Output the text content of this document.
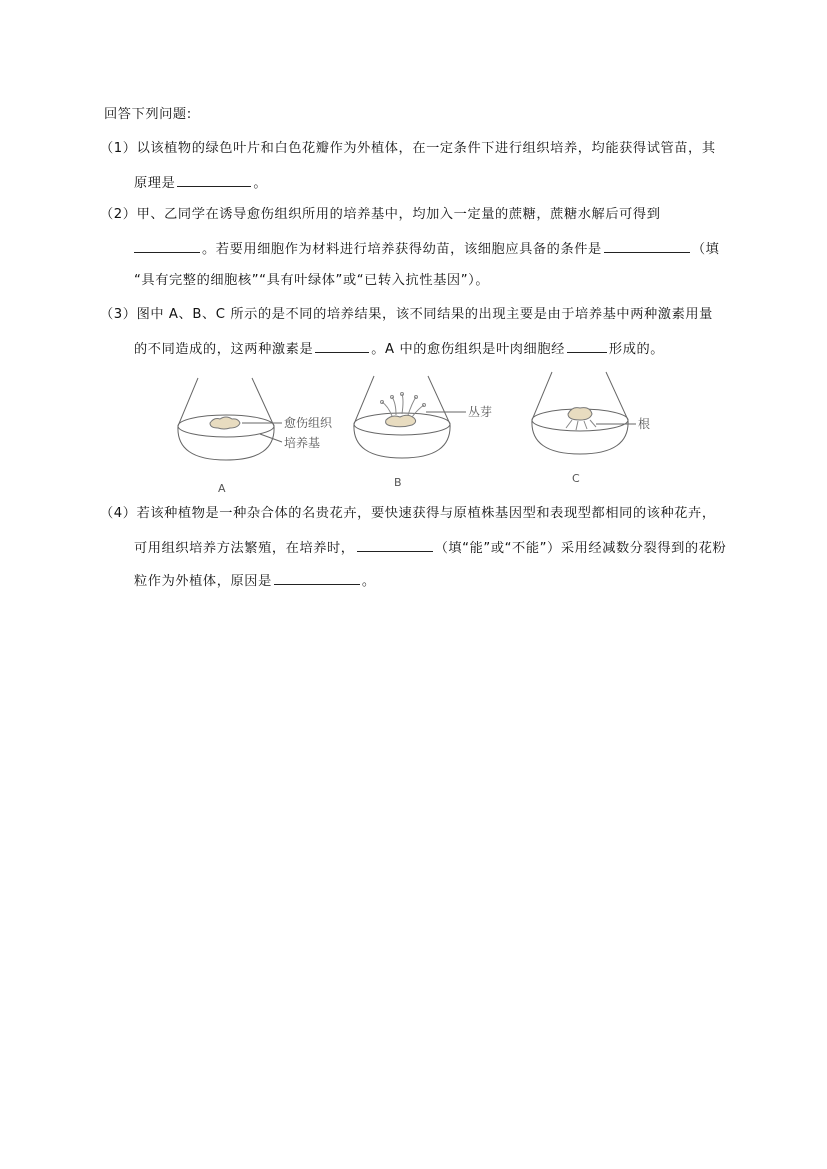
回答下列问题:
（1）以该植物的绿色叶片和白色花瓣作为外植体，在一定条件下进行组织培养，均能获得试管苗，其
原理是	。
（2）甲、乙同学在诱导愈伤组织所用的培养基中，均加入一定量的蔗糖，蔗糖水解后可得到
。若要用细胞作为材料进行培养获得幼苗，该细胞应具备的条件是	（填
“具有完整的细胞核”“具有叶绿体”或“已转入抗性基因”）。
（3）图中 A、B、C 所示的是不同的培养结果，该不同结果的出现主要是由于培养基中两种激素用量
的不同造成的，这两种激素是	。A 中的愈伤组织是叶肉细胞经	形成的。
愈伤组织
培养基
丛芽
根
A	B	C
（4）若该种植物是一种杂合体的名贵花卉，要快速获得与原植株基因型和表现型都相同的该种花卉，
可用组织培养方法繁殖，在培养时，	（填“能”或“不能”）采用经减数分裂得到的花粉
粒作为外植体，原因是	。
